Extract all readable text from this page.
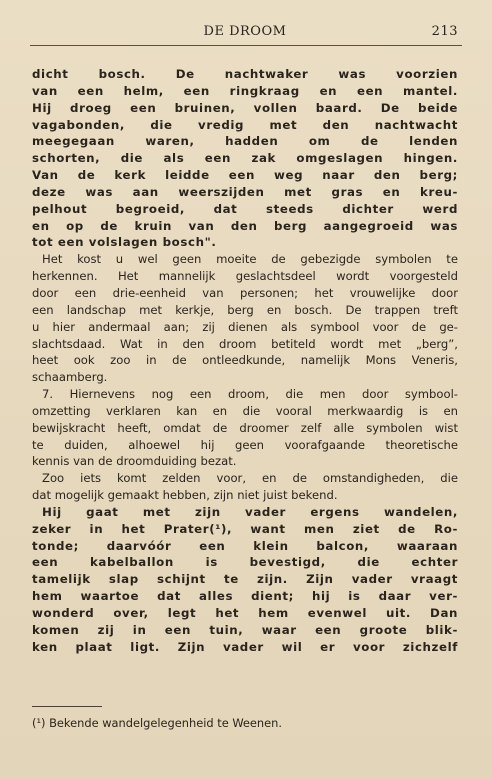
DE DROOM	213
dicht bosch. De nachtwaker was voorzien
van een helm, een ringkraag en een mantel.
Hij droeg een bruinen, vollen baard. De beide
vagabonden, die vredig met den nachtwacht
meegegaan waren, hadden om de lenden
schorten, die als een zak omgeslagen hingen.
Van de kerk leidde een weg naar den berg;
deze was aan weerszijden met gras en kreu-
pelhout begroeid, dat steeds dichter werd
en op de kruin van den berg aangegroeid was
tot een volslagen bosch".
Het kost u wel geen moeite de gebezigde symbolen te
herkennen. Het mannelijk geslachtsdeel wordt voorgesteld
door een drie-eenheid van personen; het vrouwelijke door
een landschap met kerkje, berg en bosch. De trappen treft
u hier andermaal aan; zij dienen als symbool voor de ge-
slachtsdaad. Wat in den droom betiteld wordt met „berg”,
heet ook zoo in de ontleedkunde, namelijk Mons Veneris,
schaamberg.
7. Hiernevens nog een droom, die men door symbool-
omzetting verklaren kan en die vooral merkwaardig is en
bewijskracht heeft, omdat de droomer zelf alle symbolen wist
te duiden, alhoewel hij geen voorafgaande theoretische
kennis van de droomduiding bezat.
Zoo iets komt zelden voor, en de omstandigheden, die
dat mogelijk gemaakt hebben, zijn niet juist bekend.
Hij gaat met zijn vader ergens wandelen,
zeker in het Prater(¹), want men ziet de Ro-
tonde; daarvóór een klein balcon, waaraan
een kabelballon is bevestigd, die echter
tamelijk slap schijnt te zijn. Zijn vader vraagt
hem waartoe dat alles dient; hij is daar ver-
wonderd over, legt het hem evenwel uit. Dan
komen zij in een tuin, waar een groote blik-
ken plaat ligt. Zijn vader wil er voor zichzelf
(¹) Bekende wandelgelegenheid te Weenen.
